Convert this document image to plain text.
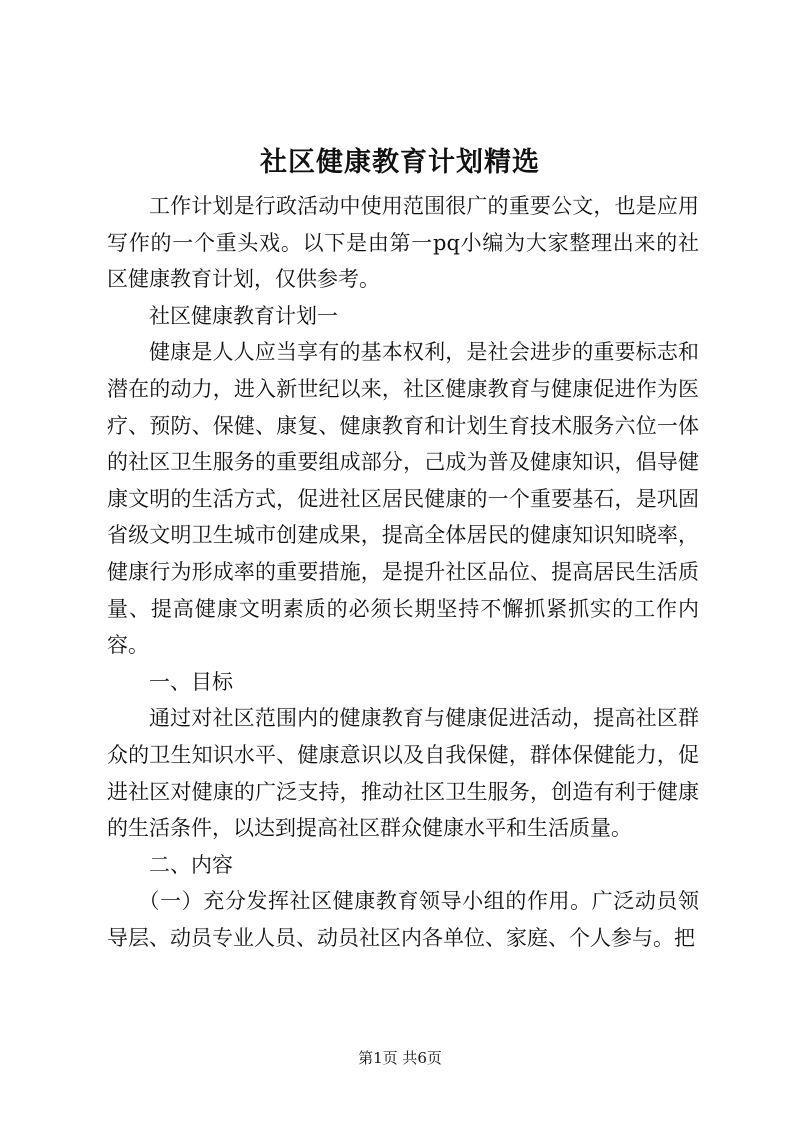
社区健康教育计划精选

工作计划是行政活动中使用范围很广的重要公文，也是应用写作的一个重头戏。以下是由第一pq小编为大家整理出来的社区健康教育计划，仅供参考。

社区健康教育计划一

健康是人人应当享有的基本权利，是社会进步的重要标志和潜在的动力，进入新世纪以来，社区健康教育与健康促进作为医疗、预防、保健、康复、健康教育和计划生育技术服务六位一体的社区卫生服务的重要组成部分，己成为普及健康知识，倡导健康文明的生活方式，促进社区居民健康的一个重要基石，是巩固省级文明卫生城市创建成果，提高全体居民的健康知识知晓率，健康行为形成率的重要措施，是提升社区品位、提高居民生活质量、提高健康文明素质的必须长期坚持不懈抓紧抓实的工作内容。

一、目标

通过对社区范围内的健康教育与健康促进活动，提高社区群众的卫生知识水平、健康意识以及自我保健，群体保健能力，促进社区对健康的广泛支持，推动社区卫生服务，创造有利于健康的生活条件，以达到提高社区群众健康水平和生活质量。

二、内容

（一）充分发挥社区健康教育领导小组的作用。广泛动员领导层、动员专业人员、动员社区内各单位、家庭、个人参与。把

第1页 共6页
